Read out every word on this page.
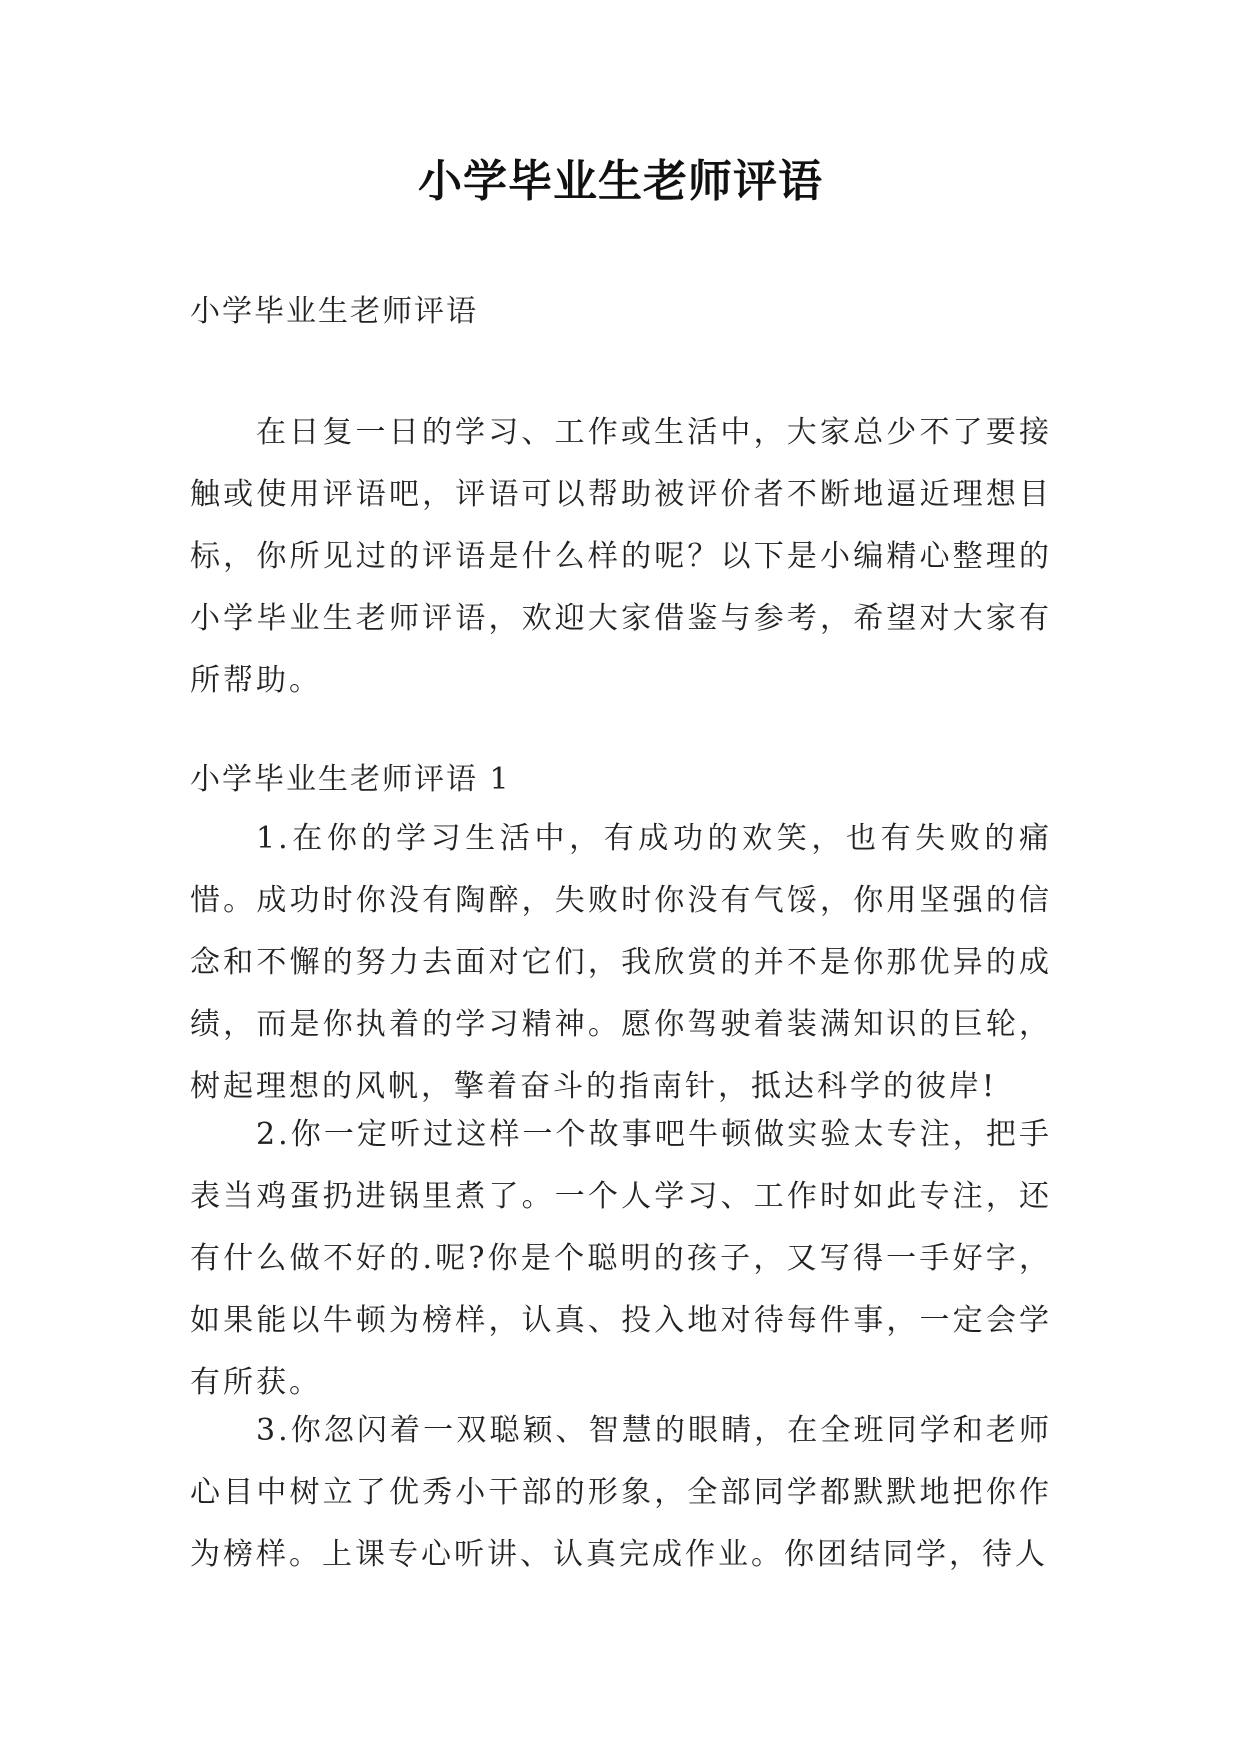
小学毕业生老师评语
小学毕业生老师评语

在日复一日的学习、工作或生活中，大家总少不了要接触或使用评语吧，评语可以帮助被评价者不断地逼近理想目标，你所见过的评语是什么样的呢？以下是小编精心整理的小学毕业生老师评语，欢迎大家借鉴与参考，希望对大家有所帮助。

小学毕业生老师评语 1

1.在你的学习生活中，有成功的欢笑，也有失败的痛惜。成功时你没有陶醉，失败时你没有气馁，你用坚强的信念和不懈的努力去面对它们，我欣赏的并不是你那优异的成绩，而是你执着的学习精神。愿你驾驶着装满知识的巨轮，树起理想的风帆，擎着奋斗的指南针，抵达科学的彼岸!

2.你一定听过这样一个故事吧牛顿做实验太专注，把手表当鸡蛋扔进锅里煮了。一个人学习、工作时如此专注，还有什么做不好的.呢?你是个聪明的孩子，又写得一手好字，如果能以牛顿为榜样，认真、投入地对待每件事，一定会学有所获。

3.你忽闪着一双聪颖、智慧的眼睛，在全班同学和老师心目中树立了优秀小干部的形象，全部同学都默默地把你作为榜样。上课专心听讲、认真完成作业。你团结同学，待人
